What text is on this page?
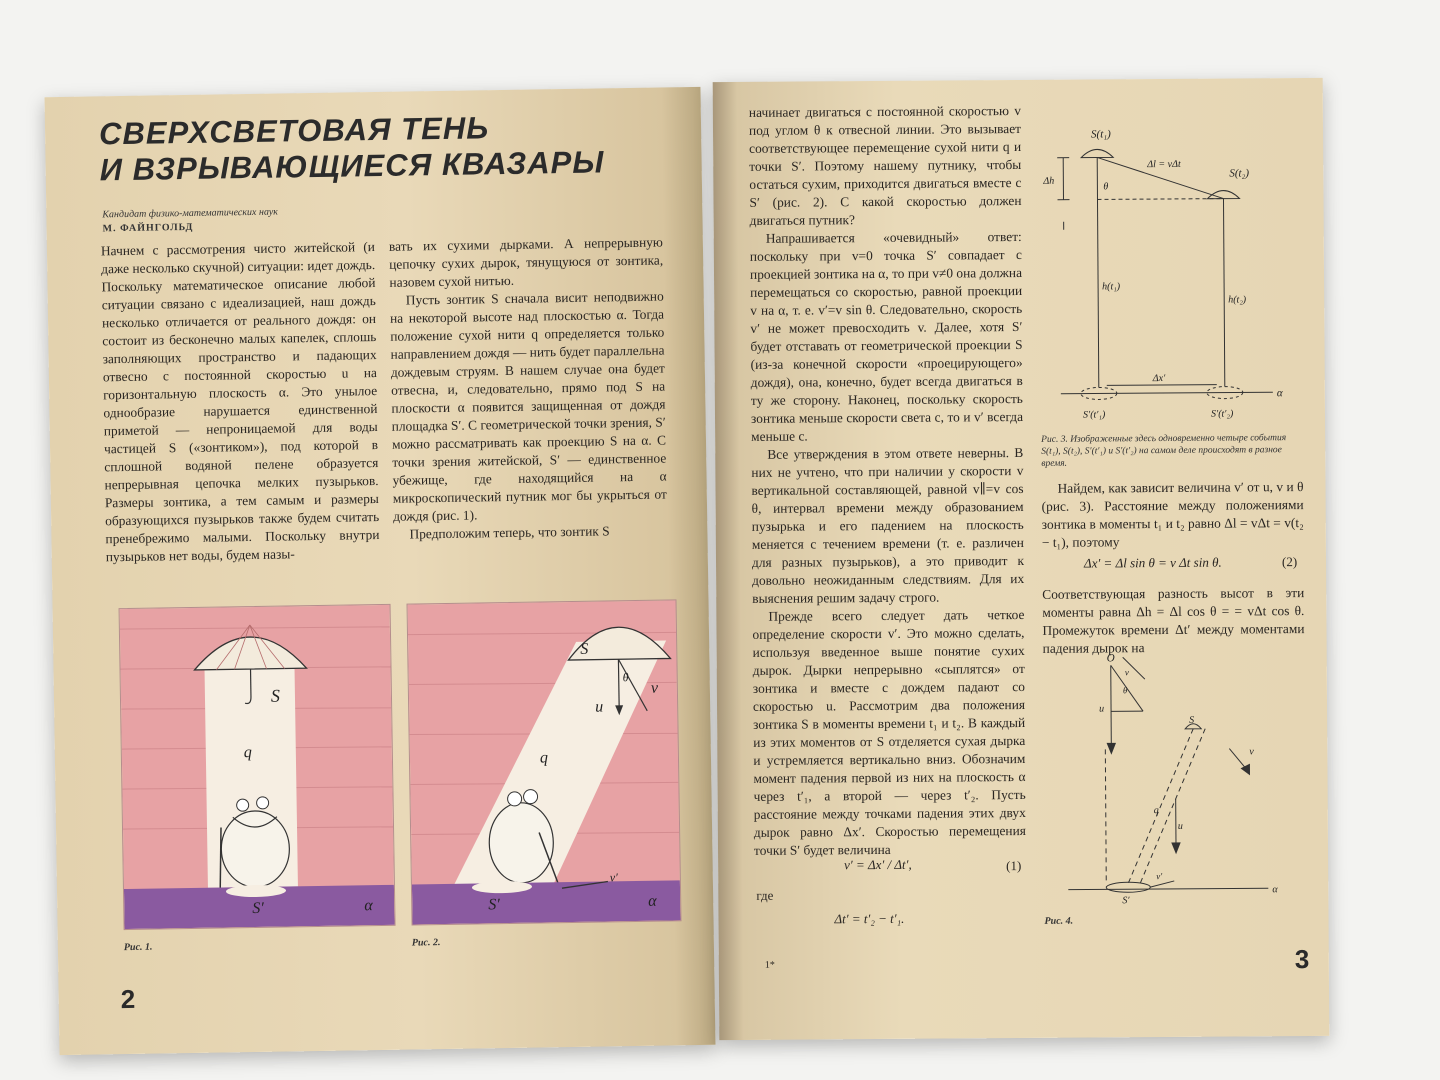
СВЕРХСВЕТОВАЯ ТЕНЬ
И ВЗРЫВАЮЩИЕСЯ КВАЗАРЫ
Кандидат физико-математических наук
М. ФАЙНГОЛЬД

Начнем с рассмотрения чисто житейской (и даже несколько скучной) ситуации: идет дождь. Поскольку математическое описание любой ситуации связано с идеализацией, наш дождь несколько отличается от реального дождя: он состоит из бесконечно малых капелек, сплошь заполняющих пространство и падающих отвесно с постоянной скоростью u на горизонтальную плоскость α. Это унылое однообразие нарушается единственной приметой — непроницаемой для воды частицей S («зонтиком»), под которой в сплошной водяной пелене образуется непрерывная цепочка мелких пузырьков. Размеры зонтика, а тем самым и размеры образующихся пузырьков также будем считать пренебрежимо малыми. Поскольку внутри пузырьков нет воды, будем назы-

вать их сухими дырками. А непрерывную цепочку сухих дырок, тянущуюся от зонтика, назовем сухой нитью.

Пусть зонтик S сначала висит неподвижно на некоторой высоте над плоскостью α. Тогда положение сухой нити q определяется только направлением дождя — нить будет параллельна дождевым струям. В нашем случае она будет отвесна, и, следовательно, прямо под S на плоскости α появится защищенная от дождя площадка S′. С геометрической точки зрения, S′ можно рассматривать как проекцию S на α. С точки зрения житейской, S′ — единственное убежище, где находящийся на α микроскопический путник мог бы укрыться от дождя (рис. 1).

Предположим теперь, что зонтик S

S
q
S′	α
Рис. 1.
S
θ
u
v
q
v′
S′	α
Рис. 2.
2

начинает двигаться с постоянной скоростью v под углом θ к отвесной линии. Это вызывает соответствующее перемещение сухой нити q и точки S′. Поэтому нашему путнику, чтобы остаться сухим, приходится двигаться вместе с S′ (рис. 2). С какой скоростью должен двигаться путник?

Напрашивается «очевидный» ответ: поскольку при v=0 точка S′ совпадает с проекцией зонтика на α, то при v≠0 она должна перемещаться со скоростью, равной проекции v на α, т. е. v′=v sin θ. Следовательно, скорость v′ не может превосходить v. Далее, хотя S′ будет отставать от геометрической проекции S (из-за конечной скорости «проецирующего» дождя), она, конечно, будет всегда двигаться в ту же сторону. Наконец, поскольку скорость зонтика меньше скорости света c, то и v′ всегда меньше c.

Все утверждения в этом ответе неверны. В них не учтено, что при наличии у скорости v вертикальной составляющей, равной v∥=v cos θ, интервал времени между образованием пузырька и его падением на плоскость меняется с течением времени (т. е. различен для разных пузырьков), а это приводит к довольно неожиданным следствиям. Для их выяснения решим задачу строго.

Прежде всего следует дать четкое определение скорости v′. Это можно сделать, используя введенное выше понятие сухих дырок. Дырки непрерывно «сыплятся» от зонтика и вместе с дождем падают со скоростью u. Рассмотрим два положения зонтика S в моменты времени t₁ и t₂. В каждый из этих моментов от S отделяется сухая дырка и устремляется вертикально вниз. Обозначим момент падения первой из них на плоскость α через t′₁, а второй — через t′₂. Пусть расстояние между точками падения этих двух дырок равно Δx′. Скоростью перемещения точки S′ будет величина

v′ = Δx′ / Δt′,	(1)
где
Δt′ = t′₂ − t′₁.
S(t₁)
S(t₂)
Δl = vΔt
Δh
θ
h(t₁)
h(t₂)
Δx′
α
S′(t′₁)	S′(t′₂)
Рис. 3. Изображенные здесь одновременно четыре события S(t₁), S(t₂), S′(t′₁) и S′(t′₂) на самом деле происходят в разное время.

Найдем, как зависит величина v′ от u, v и θ (рис. 3). Расстояние между положениями зонтика в моменты t₁ и t₂ равно Δl = vΔt = v(t₂ − t₁), поэтому

Δx′ = Δl sin θ = v Δt sin θ.	(2)

Соответствующая разность высот в эти моменты равна Δh = Δl cos θ = = vΔt cos θ. Промежуток времени Δt′ между моментами падения дырок на

O
v
u
θ
S
q
v
u
v′
S′
α
Рис. 4.
1*	3
